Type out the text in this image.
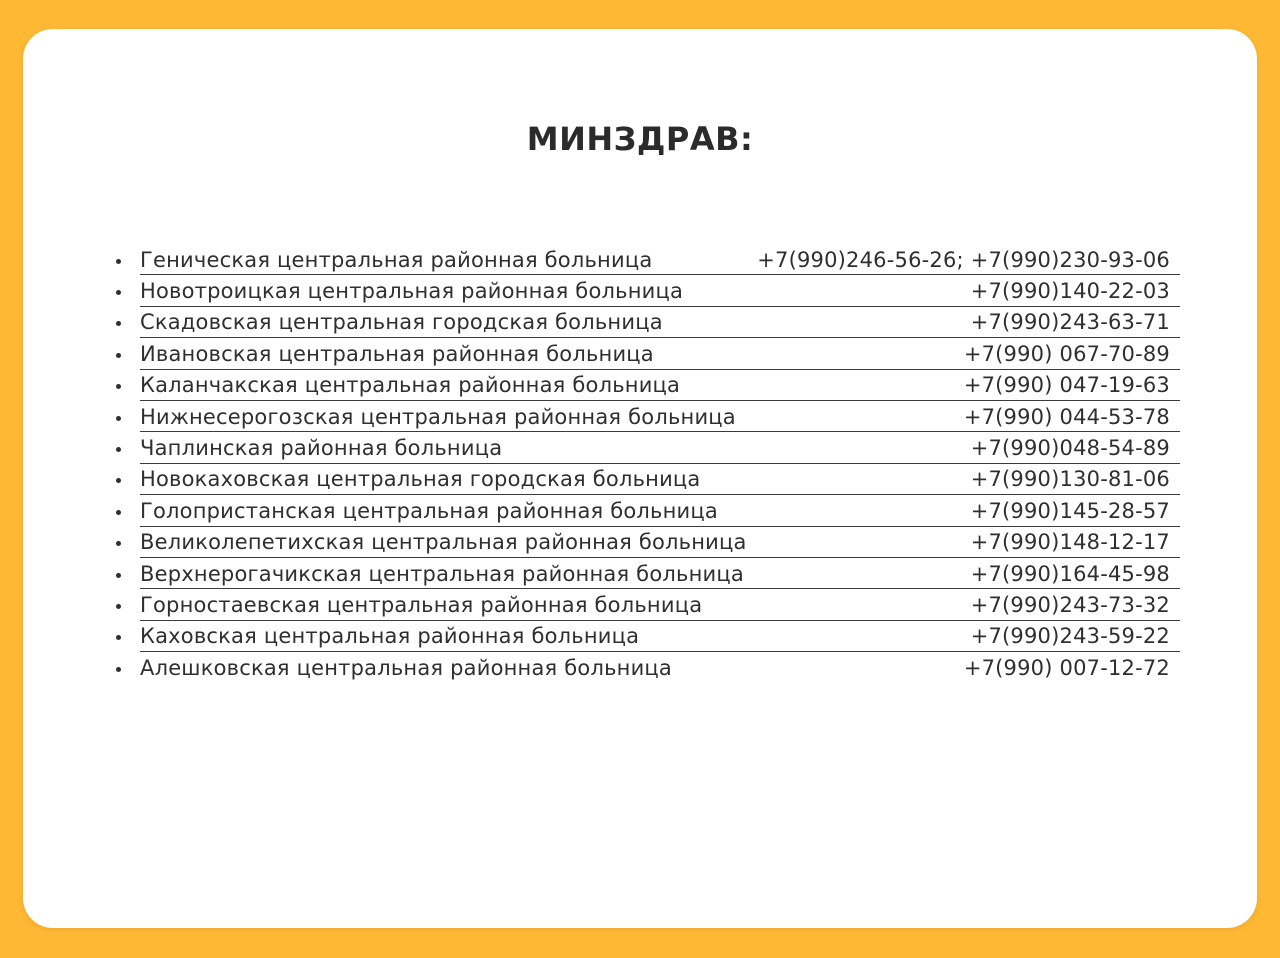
МИНЗДРАВ:
Геническая центральная районная больница	+7(990)246-56-26; +7(990)230-93-06
Новотроицкая центральная районная больница	+7(990)140-22-03
Скадовская центральная городская больница	+7(990)243-63-71
Ивановская центральная районная больница	+7(990) 067-70-89
Каланчакская центральная районная больница	+7(990) 047-19-63
Нижнесерогозская центральная районная больница	+7(990) 044-53-78
Чаплинская районная больница	+7(990)048-54-89
Новокаховская центральная городская больница	+7(990)130-81-06
Голопристанская центральная районная больница	+7(990)145-28-57
Великолепетихская центральная районная больница	+7(990)148-12-17
Верхнерогачикская центральная районная больница	+7(990)164-45-98
Горностаевская центральная районная больница	+7(990)243-73-32
Каховская центральная районная больница	+7(990)243-59-22
Алешковская центральная районная больница	+7(990) 007-12-72
